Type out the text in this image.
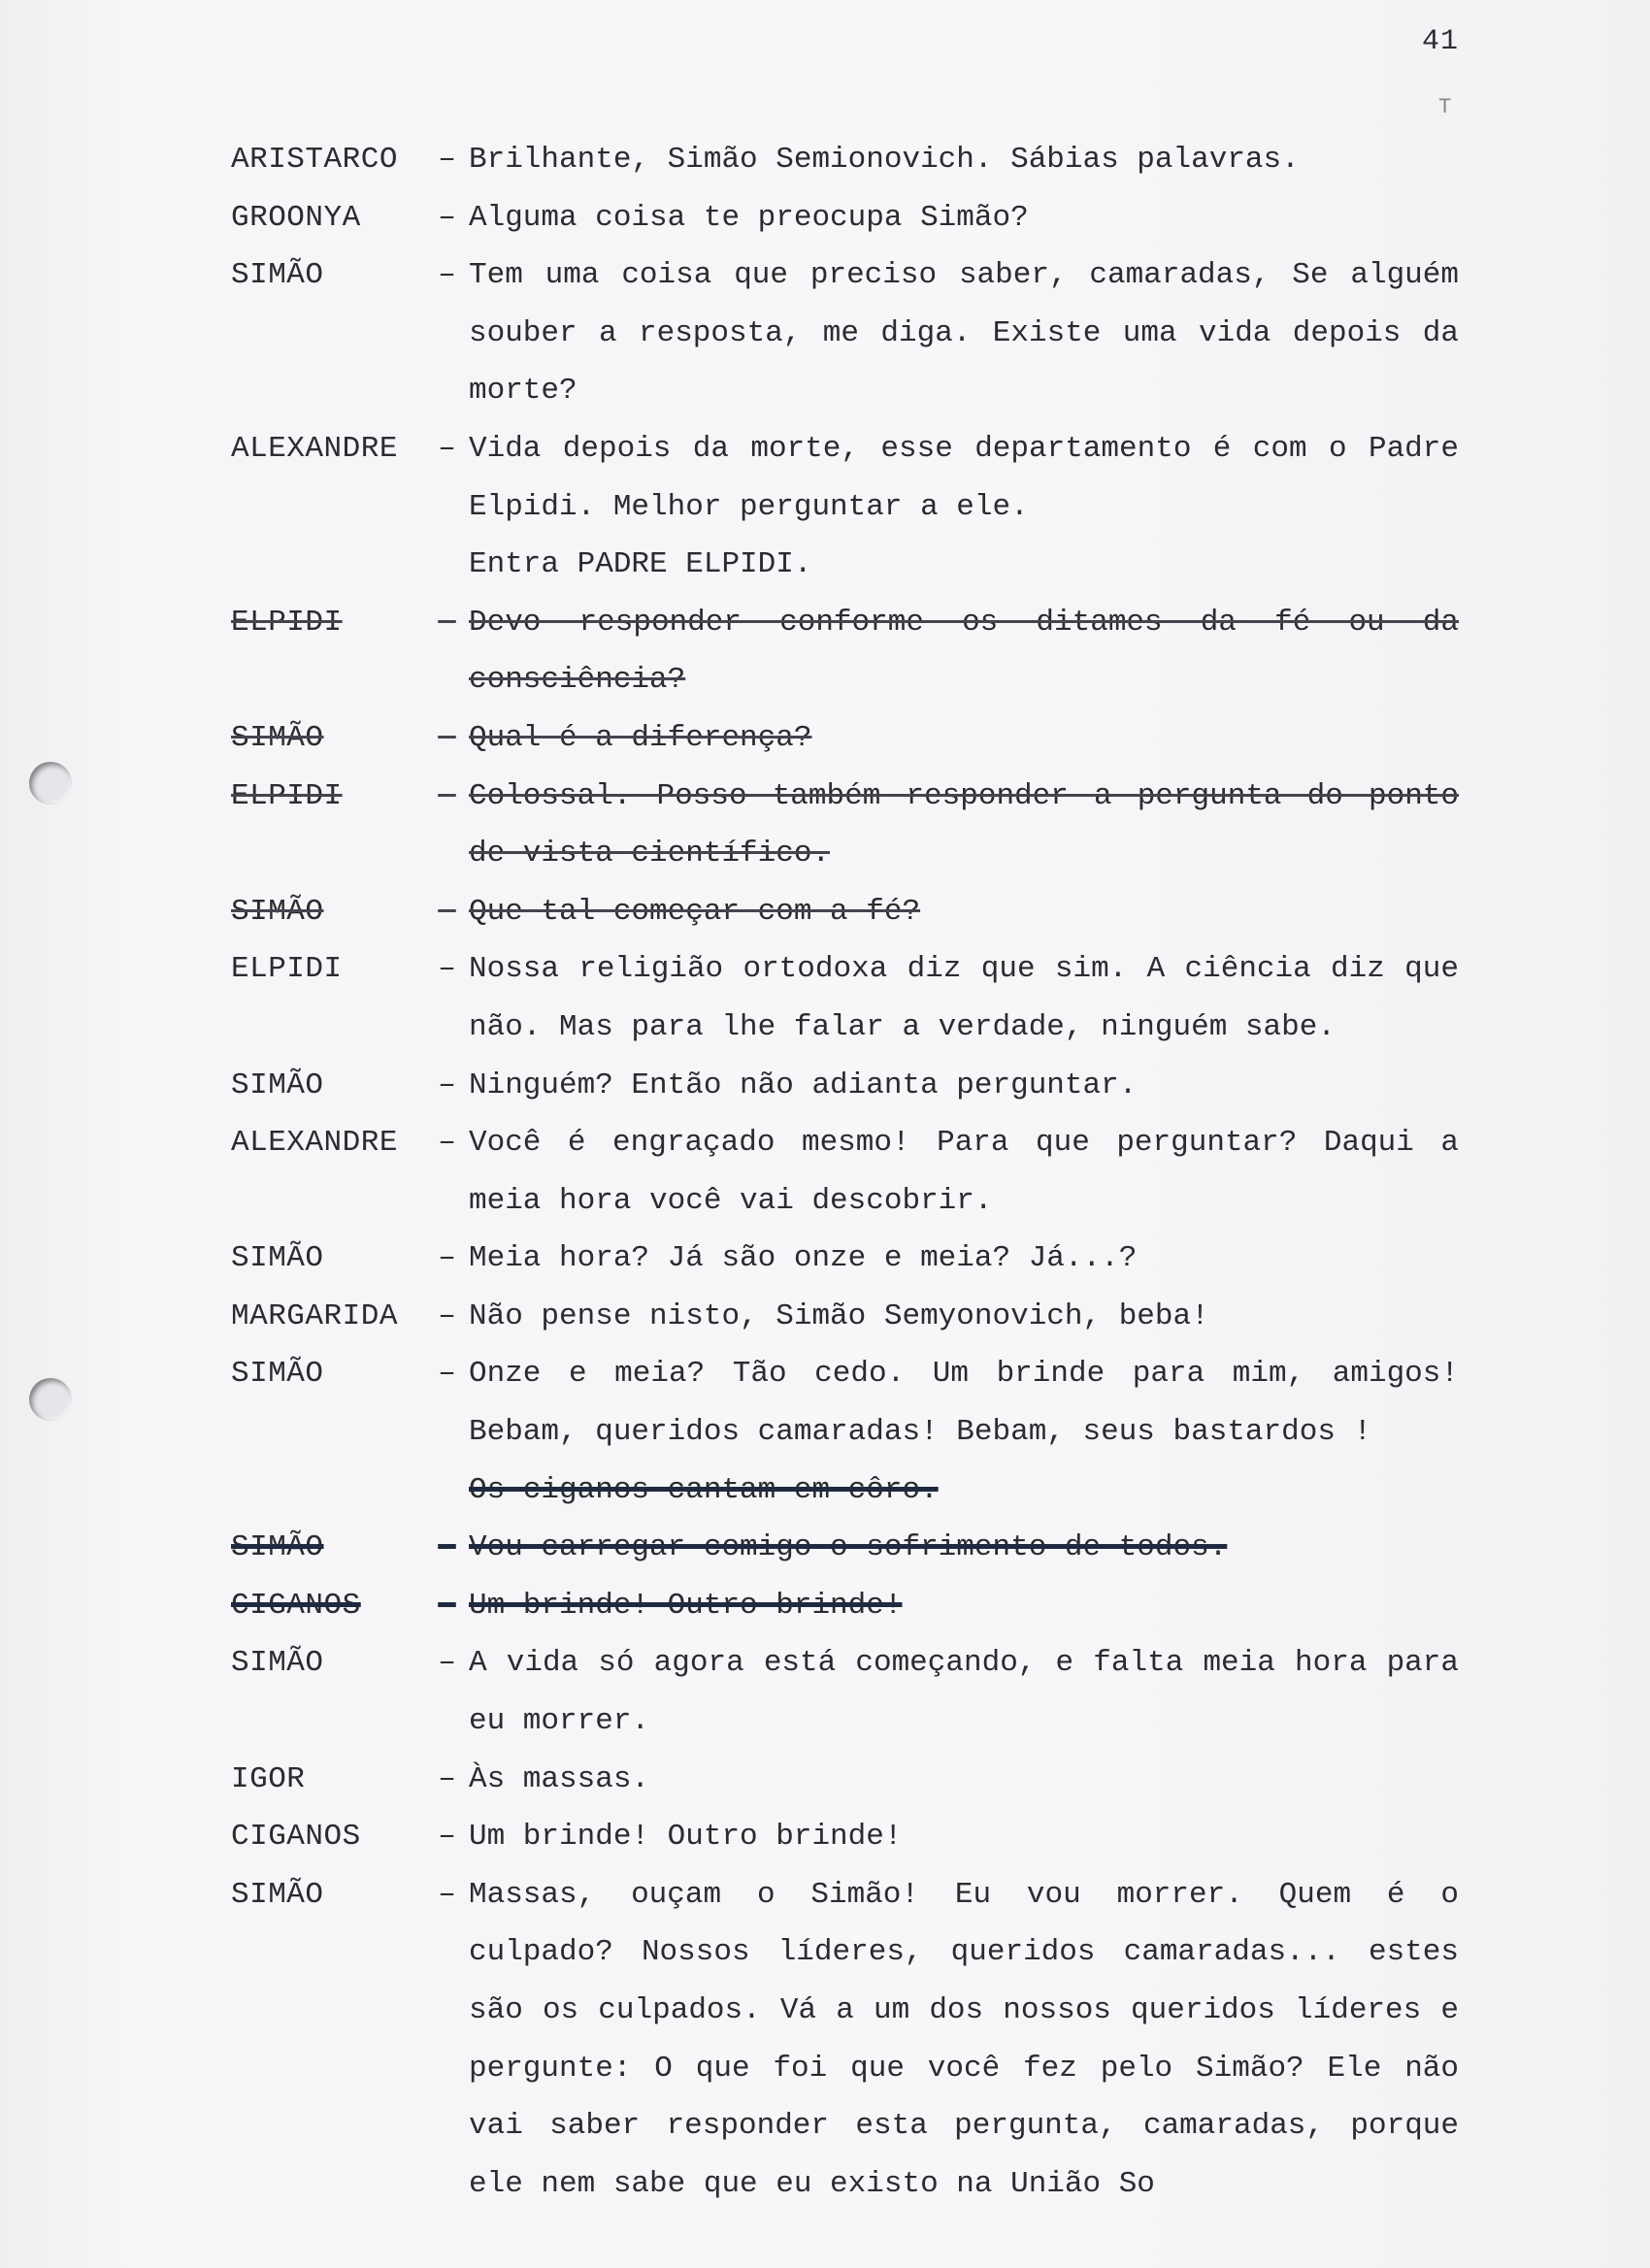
41
T
ARISTARCO	– Brilhante, Simão Semionovich. Sábias palavras.
GROONYA	– Alguma coisa te preocupa Simão?
SIMÃO	– Tem uma coisa que preciso saber, camaradas, Se alguém souber a resposta, me diga. Existe uma vida depois da morte?
ALEXANDRE	– Vida depois da morte, esse departamento é com o Padre Elpidi. Melhor perguntar a ele.
Entra PADRE ELPIDI.
ELPIDI	– Devo responder conforme os ditames da fé ou da consciência?
SIMÃO	– Qual é a diferença?
ELPIDI	– Colossal. Posso também responder a pergunta do ponto de vista científico.
SIMÃO	– Que tal começar com a fé?
ELPIDI	– Nossa religião ortodoxa diz que sim. A ciência diz que não. Mas para lhe falar a verdade, ninguém sabe.
SIMÃO	– Ninguém? Então não adianta perguntar.
ALEXANDRE	– Você é engraçado mesmo! Para que perguntar? Daqui a meia hora você vai descobrir.
SIMÃO	– Meia hora? Já são onze e meia? Já...?
MARGARIDA	– Não pense nisto, Simão Semyonovich, beba!
SIMÃO	– Onze e meia? Tão cedo. Um brinde para mim, amigos! Bebam, queridos camaradas! Bebam, seus bastardos !
Os ciganos cantam em côro.
SIMÃO	– Vou carregar comigo o sofrimento de todos.
CIGANOS	– Um brinde! Outro brinde!
SIMÃO	– A vida só agora está começando, e falta meia hora para eu morrer.
IGOR	– Às massas.
CIGANOS	– Um brinde! Outro brinde!
SIMÃO	– Massas, ouçam o Simão! Eu vou morrer. Quem é o culpado? Nossos líderes, queridos camaradas... estes são os culpados. Vá a um dos nossos queridos líderes e pergunte: O que foi que você fez pelo Simão? Ele não vai saber responder esta pergunta, camaradas, porque ele nem sabe que eu existo na União So
